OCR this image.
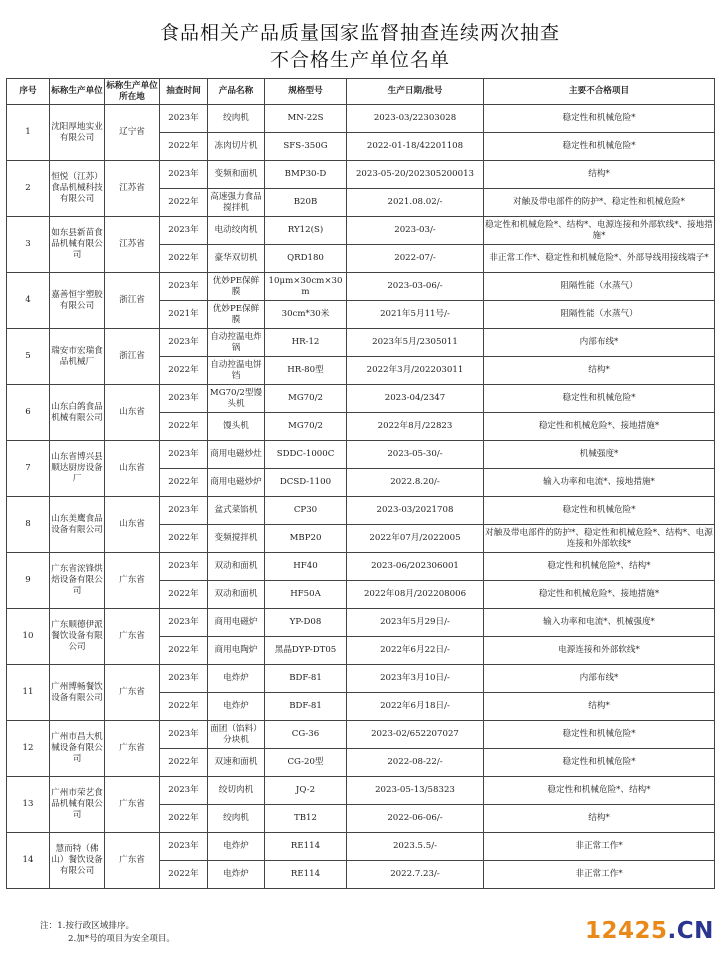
食品相关产品质量国家监督抽查连续两次抽查
不合格生产单位名单
序号	标称生产单位	标称生产单位所在地	抽查时间	产品名称	规格型号	生产日期/批号	主要不合格项目
1	沈阳厚地实业有限公司	辽宁省	2023年	绞肉机	MN-22S	2023-03/22303028	稳定性和机械危险*
			2022年	冻肉切片机	SFS-350G	2022-01-18/42201108	稳定性和机械危险*
2	恒悦（江苏）食品机械科技有限公司	江苏省	2023年	变频和面机	BMP30-D	2023-05-20/202305200013	结构*
			2022年	高速强力食品搅拌机	B20B	2021.08.02/-	对触及带电部件的防护*、稳定性和机械危险*
3	如东县新苗食品机械有限公司	江苏省	2023年	电动绞肉机	RY12(S)	2023-03/-	稳定性和机械危险*、结构*、电源连接和外部软线*、接地措施*
			2022年	豪华双切机	QRD180	2022-07/-	非正常工作*、稳定性和机械危险*、外部导线用接线端子*
4	嘉善恒宇塑胶有限公司	浙江省	2023年	优妙PE保鲜膜	10μm×30cm×30m	2023-03-06/-	阻隔性能（水蒸气）
			2021年	优妙PE保鲜膜	30cm*30米	2021年5月11号/-	阻隔性能（水蒸气）
5	瑞安市宏瑞食品机械厂	浙江省	2023年	自动控温电炸锅	HR-12	2023年5月/2305011	内部布线*
			2022年	自动控温电饼铛	HR-80型	2022年3月/202203011	结构*
6	山东白鸽食品机械有限公司	山东省	2023年	MG70/2型馒头机	MG70/2	2023-04/2347	稳定性和机械危险*
			2022年	馒头机	MG70/2	2022年8月/22823	稳定性和机械危险*、接地措施*
7	山东省博兴县顺达厨房设备厂	山东省	2023年	商用电磁炒灶	SDDC-1000C	2023-05-30/-	机械强度*
			2022年	商用电磁炒炉	DCSD-1100	2022.8.20/-	输入功率和电流*、接地措施*
8	山东美鹰食品设备有限公司	山东省	2023年	盆式菜馅机	CP30	2023-03/2021708	稳定性和机械危险*
			2022年	变频搅拌机	MBP20	2022年07月/2022005	对触及带电部件的防护*、稳定性和机械危险*、结构*、电源连接和外部软线*
9	广东省浤锋烘焙设备有限公司	广东省	2023年	双动和面机	HF40	2023-06/202306001	稳定性和机械危险*、结构*
			2022年	双动和面机	HF50A	2022年08月/202208006	稳定性和机械危险*、接地措施*
10	广东顺德伊派餐饮设备有限公司	广东省	2023年	商用电磁炉	YP-D08	2023年5月29日/-	输入功率和电流*、机械强度*
			2022年	商用电陶炉	黑晶DYP-DT05	2022年6月22日/-	电源连接和外部软线*
11	广州博畅餐饮设备有限公司	广东省	2023年	电炸炉	BDF-81	2023年3月10日/-	内部布线*
			2022年	电炸炉	BDF-81	2022年6月18日/-	结构*
12	广州市昌大机械设备有限公司	广东省	2023年	面团（馅料）分块机	CG-36	2023-02/652207027	稳定性和机械危险*
			2022年	双速和面机	CG-20型	2022-08-22/-	稳定性和机械危险*
13	广州市荣艺食品机械有限公司	广东省	2023年	绞切肉机	JQ-2	2023-05-13/58323	稳定性和机械危险*、结构*
			2022年	绞肉机	TB12	2022-06-06/-	结构*
14	慧而特（佛山）餐饮设备有限公司	广东省	2023年	电炸炉	RE114	2023.5.5/-	非正常工作*
			2022年	电炸炉	RE114	2022.7.23/-	非正常工作*
注：1.按行政区域排序。
2.加*号的项目为安全项目。	12425.CN
